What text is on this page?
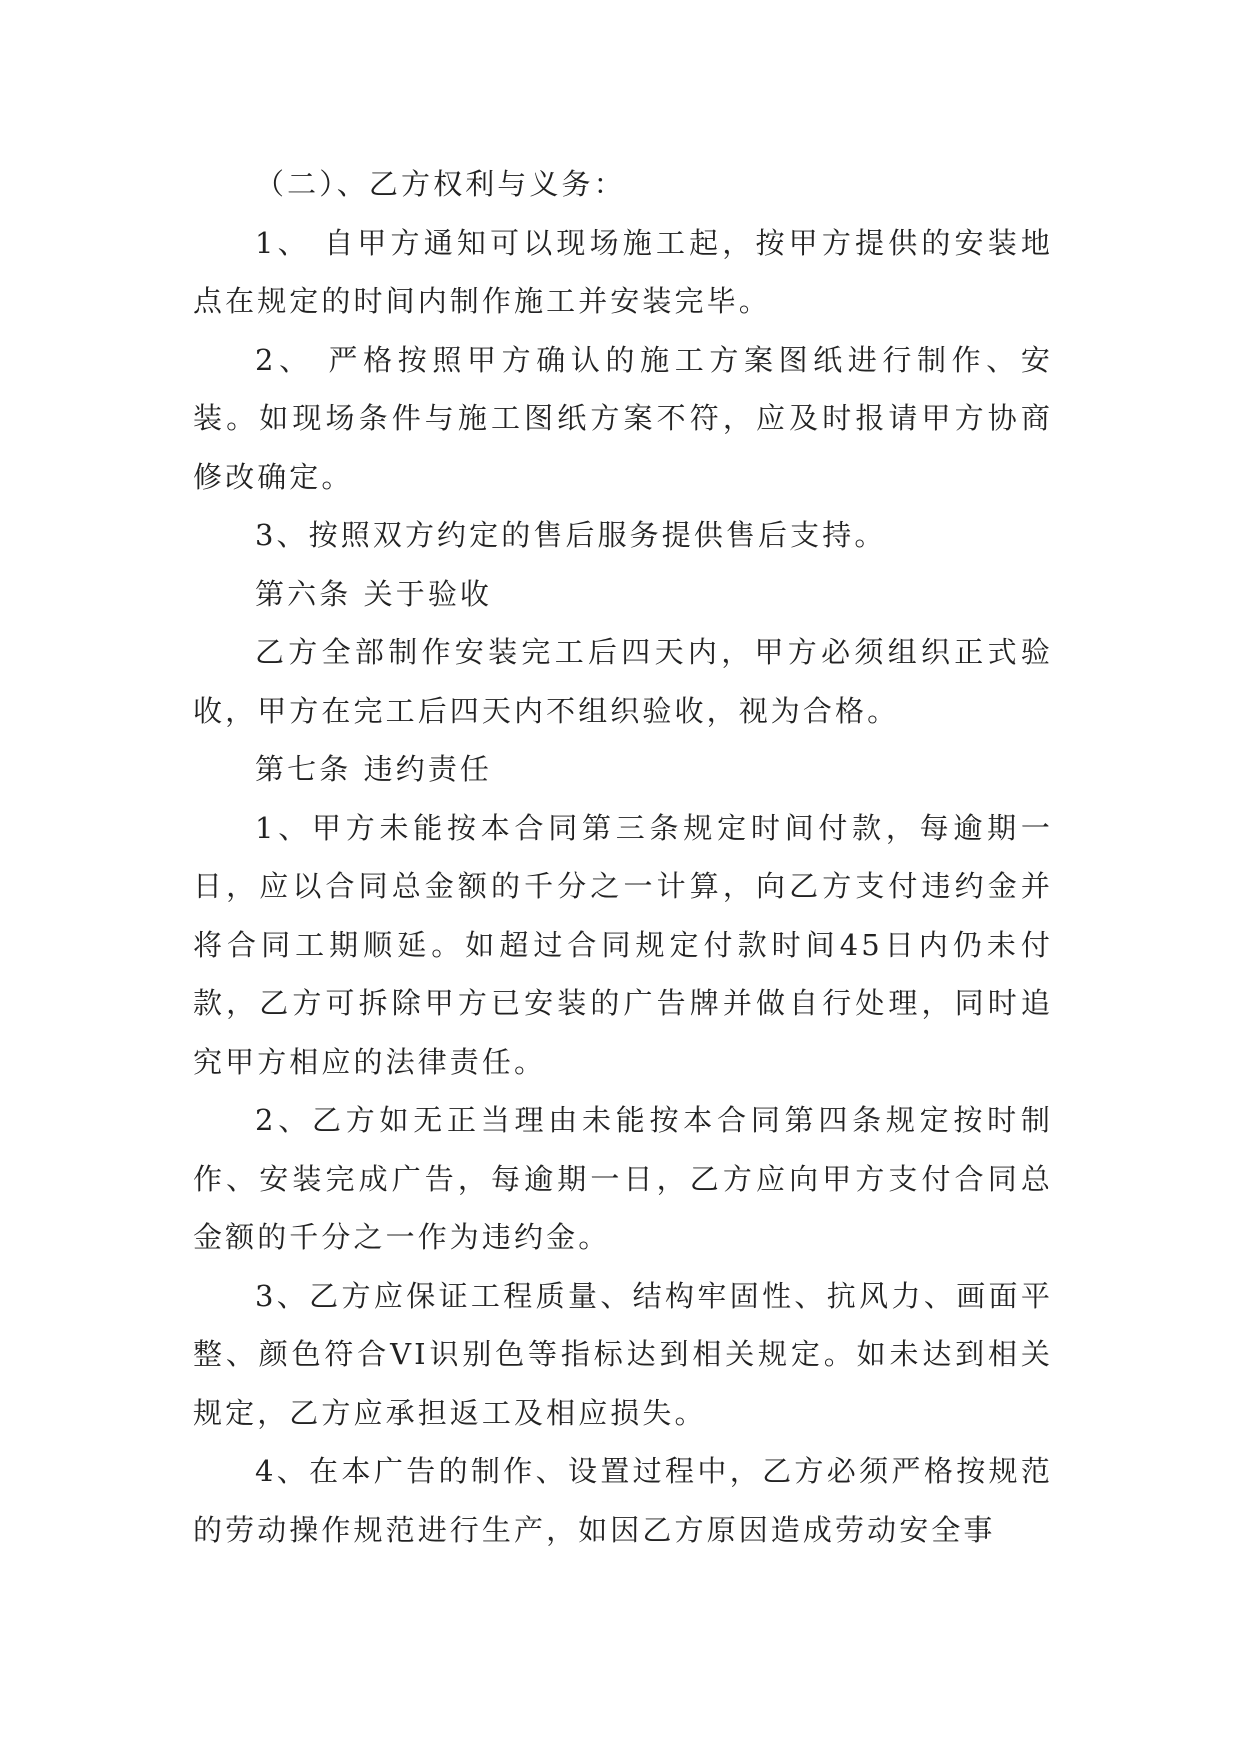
（二）、乙方权利与义务：

1、 自甲方通知可以现场施工起，按甲方提供的安装地点在规定的时间内制作施工并安装完毕。

2、 严格按照甲方确认的施工方案图纸进行制作、安装。如现场条件与施工图纸方案不符，应及时报请甲方协商修改确定。

3、按照双方约定的售后服务提供售后支持。

第六条 关于验收

乙方全部制作安装完工后四天内，甲方必须组织正式验收，甲方在完工后四天内不组织验收，视为合格。

第七条 违约责任

1、甲方未能按本合同第三条规定时间付款，每逾期一日，应以合同总金额的千分之一计算，向乙方支付违约金并将合同工期顺延。如超过合同规定付款时间45日内仍未付款，乙方可拆除甲方已安装的广告牌并做自行处理，同时追究甲方相应的法律责任。

2、乙方如无正当理由未能按本合同第四条规定按时制作、安装完成广告，每逾期一日，乙方应向甲方支付合同总金额的千分之一作为违约金。

3、乙方应保证工程质量、结构牢固性、抗风力、画面平整、颜色符合VI识别色等指标达到相关规定。如未达到相关规定，乙方应承担返工及相应损失。

4、在本广告的制作、设置过程中，乙方必须严格按规范的劳动操作规范进行生产，如因乙方原因造成劳动安全事
